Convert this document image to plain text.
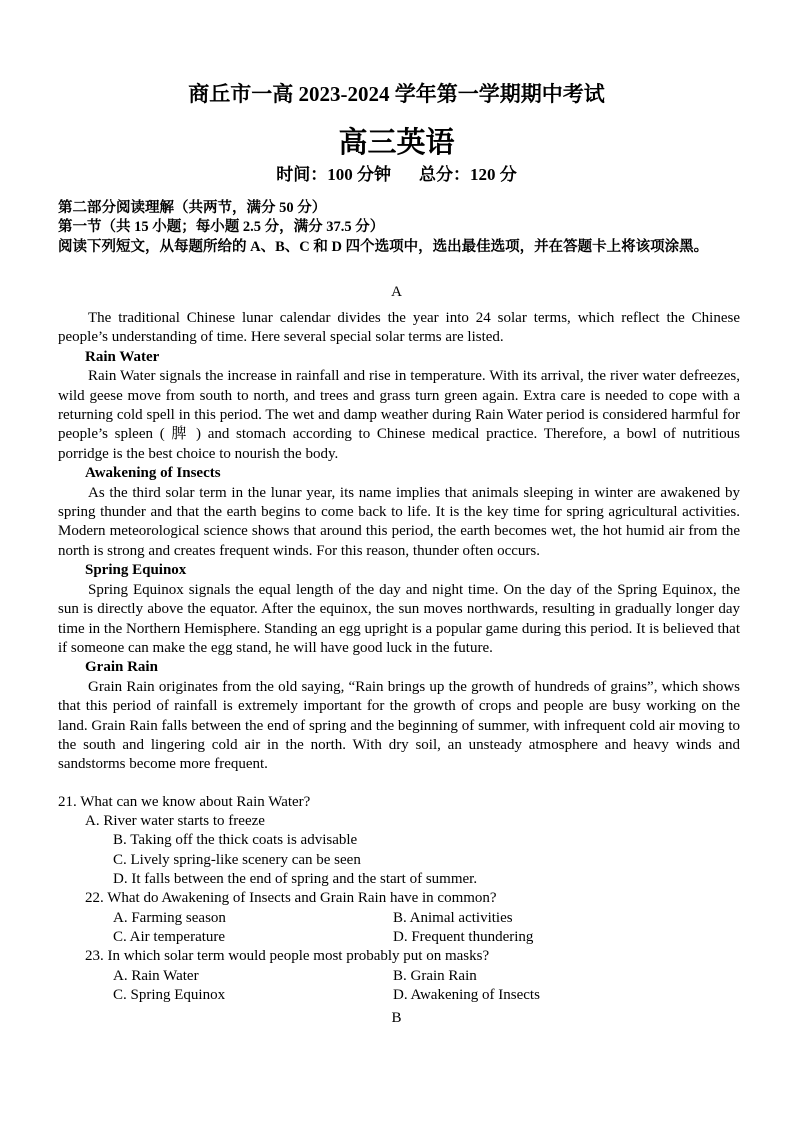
商丘市一高 2023-2024 学年第一学期期中考试
高三英语
时间：100 分钟 总分：120 分
第二部分阅读理解（共两节，满分 50 分）
第一节（共 15 小题；每小题 2.5 分，满分 37.5 分）
阅读下列短文，从每题所给的 A、B、C 和 D 四个选项中，选出最佳选项，并在答题卡上将该项涂黑。
A

The traditional Chinese lunar calendar divides the year into 24 solar terms, which reflect the Chinese people’s understanding of time. Here several special solar terms are listed.

Rain Water

Rain Water signals the increase in rainfall and rise in temperature. With its arrival, the river water defreezes, wild geese move from south to north, and trees and grass turn green again. Extra care is needed to cope with a returning cold spell in this period. The wet and damp weather during Rain Water period is considered harmful for people’s spleen ( 脾 ) and stomach according to Chinese medical practice. Therefore, a bowl of nutritious porridge is the best choice to nourish the body.

Awakening of Insects

As the third solar term in the lunar year, its name implies that animals sleeping in winter are awakened by spring thunder and that the earth begins to come back to life. It is the key time for spring agricultural activities. Modern meteorological science shows that around this period, the earth becomes wet, the hot humid air from the north is strong and creates frequent winds. For this reason, thunder often occurs.

Spring Equinox

Spring Equinox signals the equal length of the day and night time. On the day of the Spring Equinox, the sun is directly above the equator. After the equinox, the sun moves northwards, resulting in gradually longer day time in the Northern Hemisphere. Standing an egg upright is a popular game during this period. It is believed that if someone can make the egg stand, he will have good luck in the future.

Grain Rain

Grain Rain originates from the old saying, “Rain brings up the growth of hundreds of grains”, which shows that this period of rainfall is extremely important for the growth of crops and people are busy working on the land. Grain Rain falls between the end of spring and the beginning of summer, with infrequent cold air moving to the south and lingering cold air in the north. With dry soil, an unsteady atmosphere and heavy winds and sandstorms become more frequent.

21. What can we know about Rain Water?
A. River water starts to freeze
B. Taking off the thick coats is advisable
C. Lively spring-like scenery can be seen
D. It falls between the end of spring and the start of summer.
22. What do Awakening of Insects and Grain Rain have in common?
A. Farming season	B. Animal activities
C. Air temperature	D. Frequent thundering
23. In which solar term would people most probably put on masks?
A. Rain Water	B. Grain Rain
C. Spring Equinox	D. Awakening of Insects
B
